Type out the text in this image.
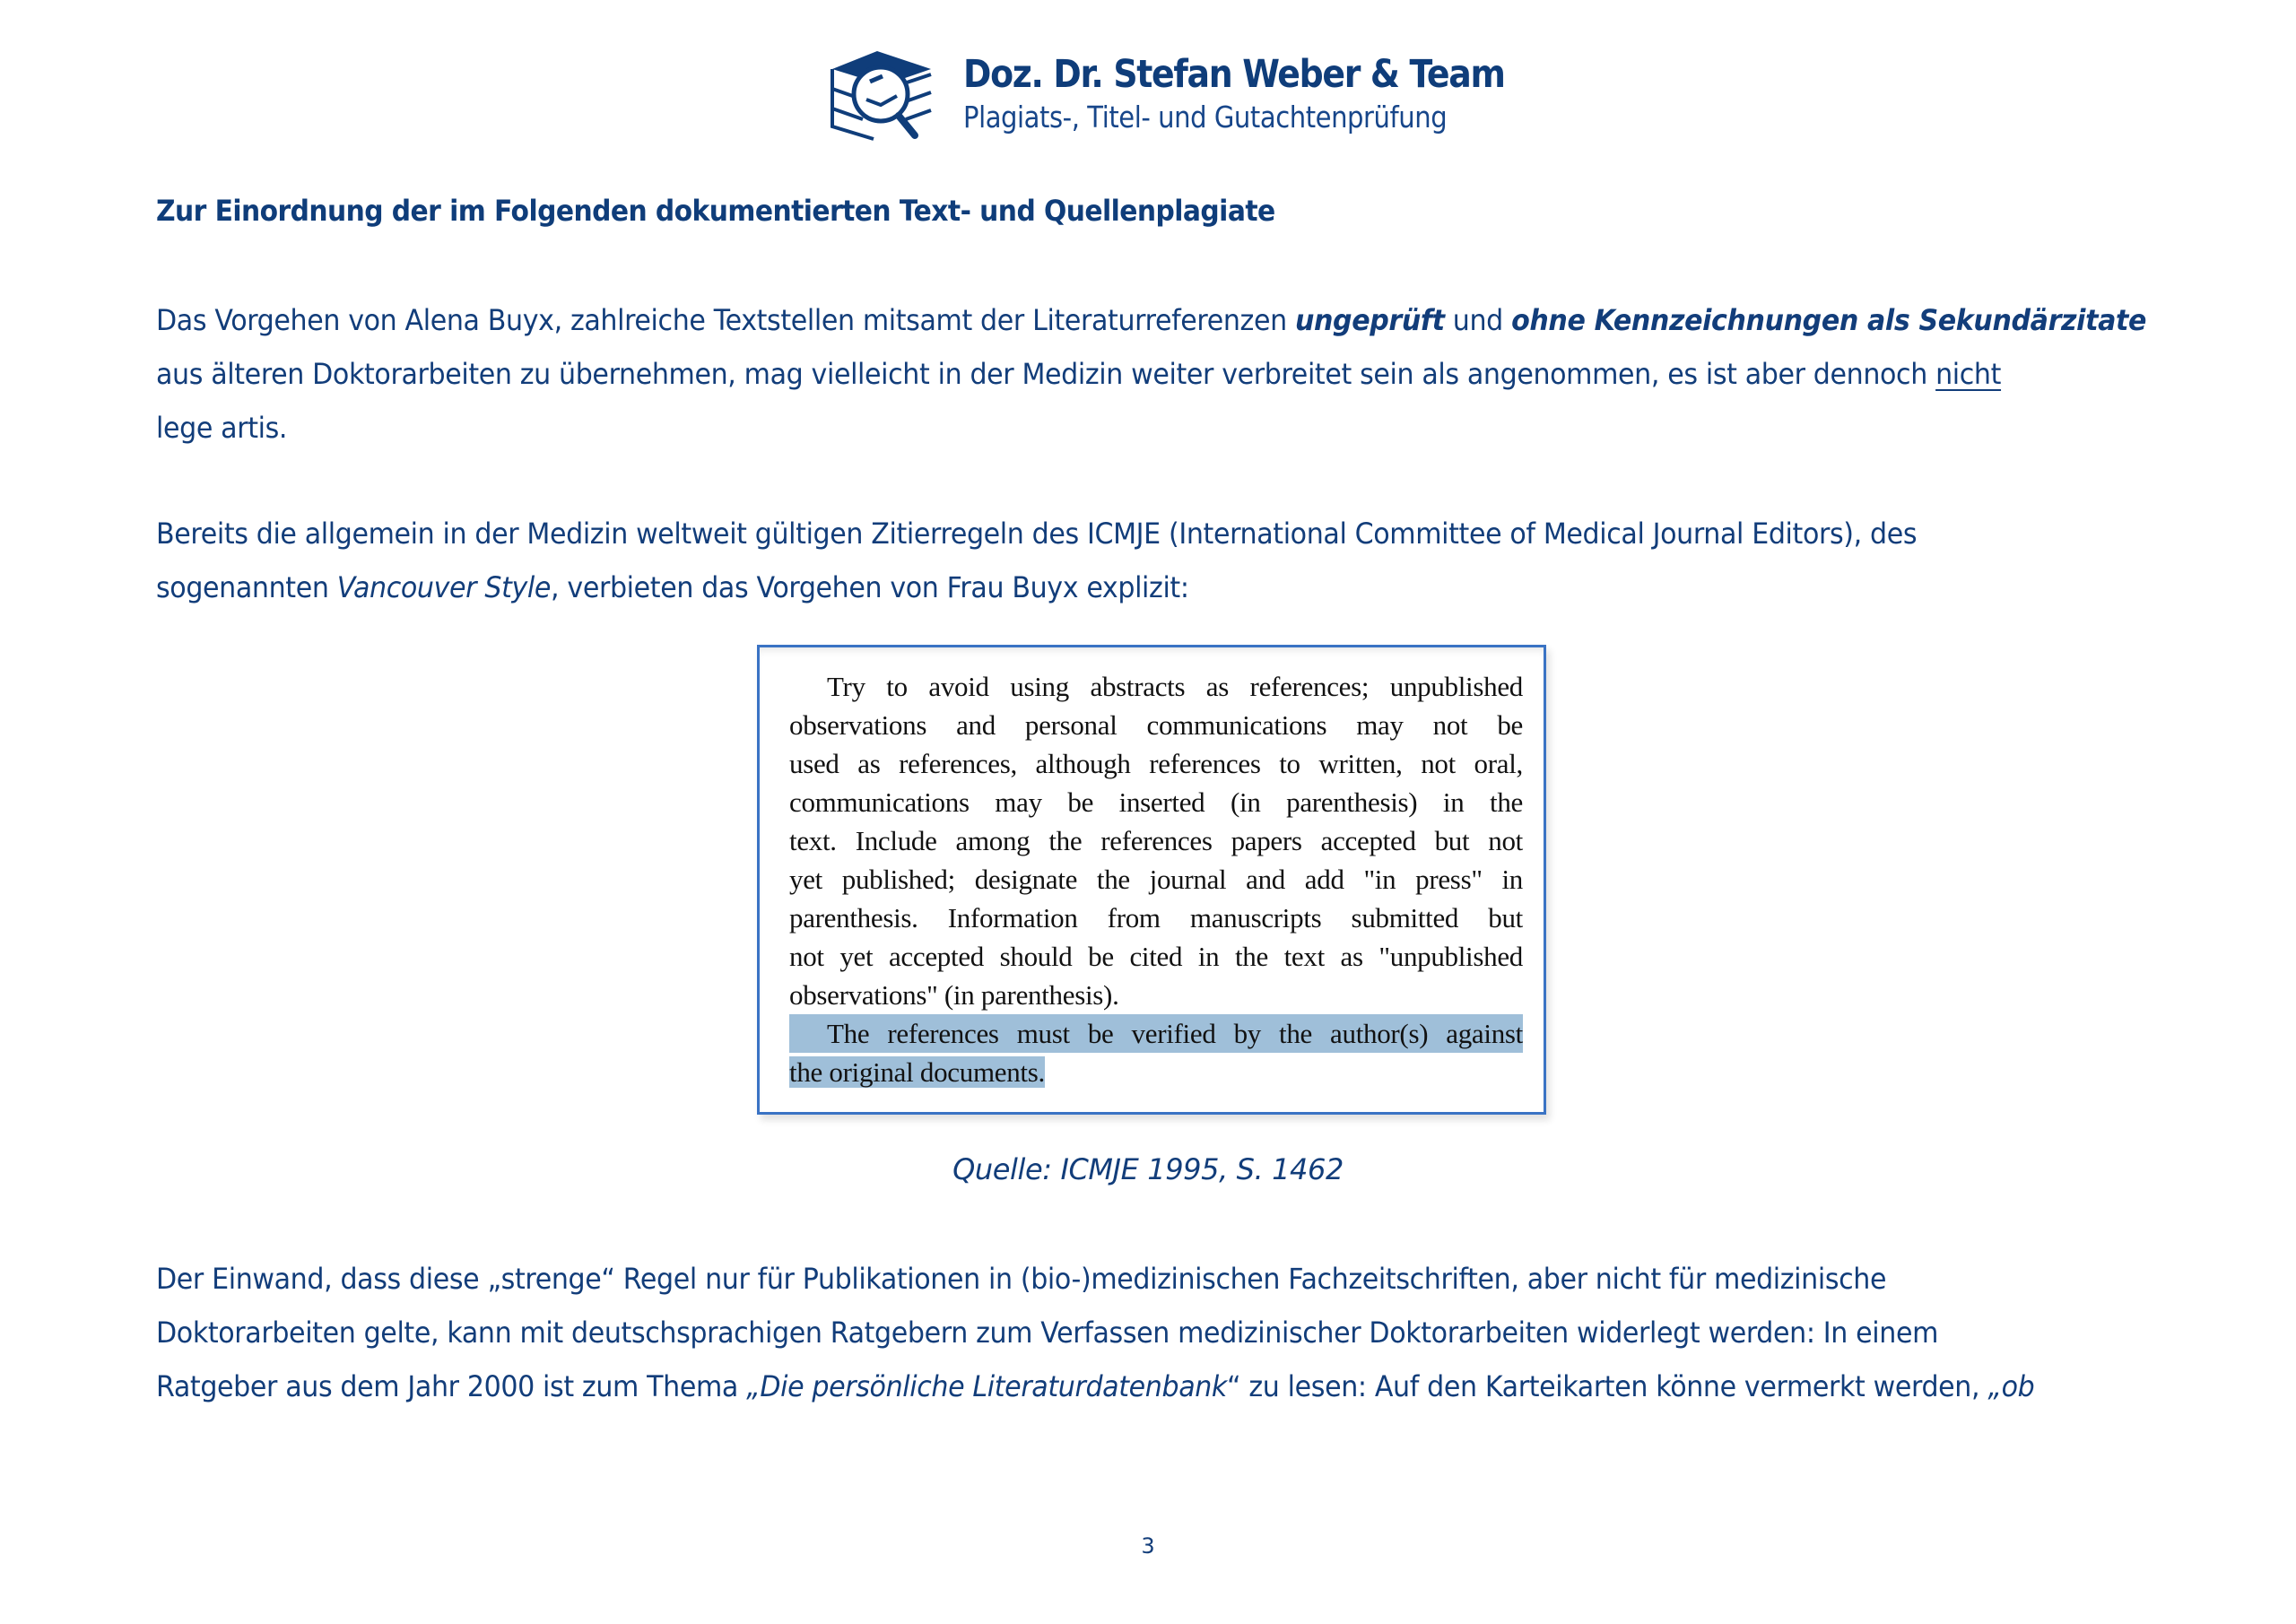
Doz. Dr. Stefan Weber & Team
Plagiats-, Titel- und Gutachtenprüfung
Zur Einordnung der im Folgenden dokumentierten Text- und Quellenplagiate
Das Vorgehen von Alena Buyx, zahlreiche Textstellen mitsamt der Literaturreferenzen ungeprüft und ohne Kennzeichnungen als Sekundärzitate
aus älteren Doktorarbeiten zu übernehmen, mag vielleicht in der Medizin weiter verbreitet sein als angenommen, es ist aber dennoch nicht
lege artis.
Bereits die allgemein in der Medizin weltweit gültigen Zitierregeln des ICMJE (International Committee of Medical Journal Editors), des
sogenannten Vancouver Style, verbieten das Vorgehen von Frau Buyx explizit:
Try to avoid using abstracts as references; unpublished
observations and personal communications may not be
used as references, although references to written, not oral,
communications may be inserted (in parenthesis) in the
text. Include among the references papers accepted but not
yet published; designate the journal and add "in press" in
parenthesis. Information from manuscripts submitted but
not yet accepted should be cited in the text as "unpublished
observations" (in parenthesis).
The references must be verified by the author(s) against
the original documents.
Quelle: ICMJE 1995, S. 1462
Der Einwand, dass diese „strenge“ Regel nur für Publikationen in (bio-)medizinischen Fachzeitschriften, aber nicht für medizinische
Doktorarbeiten gelte, kann mit deutschsprachigen Ratgebern zum Verfassen medizinischer Doktorarbeiten widerlegt werden: In einem
Ratgeber aus dem Jahr 2000 ist zum Thema „Die persönliche Literaturdatenbank“ zu lesen: Auf den Karteikarten könne vermerkt werden, „ob
3
